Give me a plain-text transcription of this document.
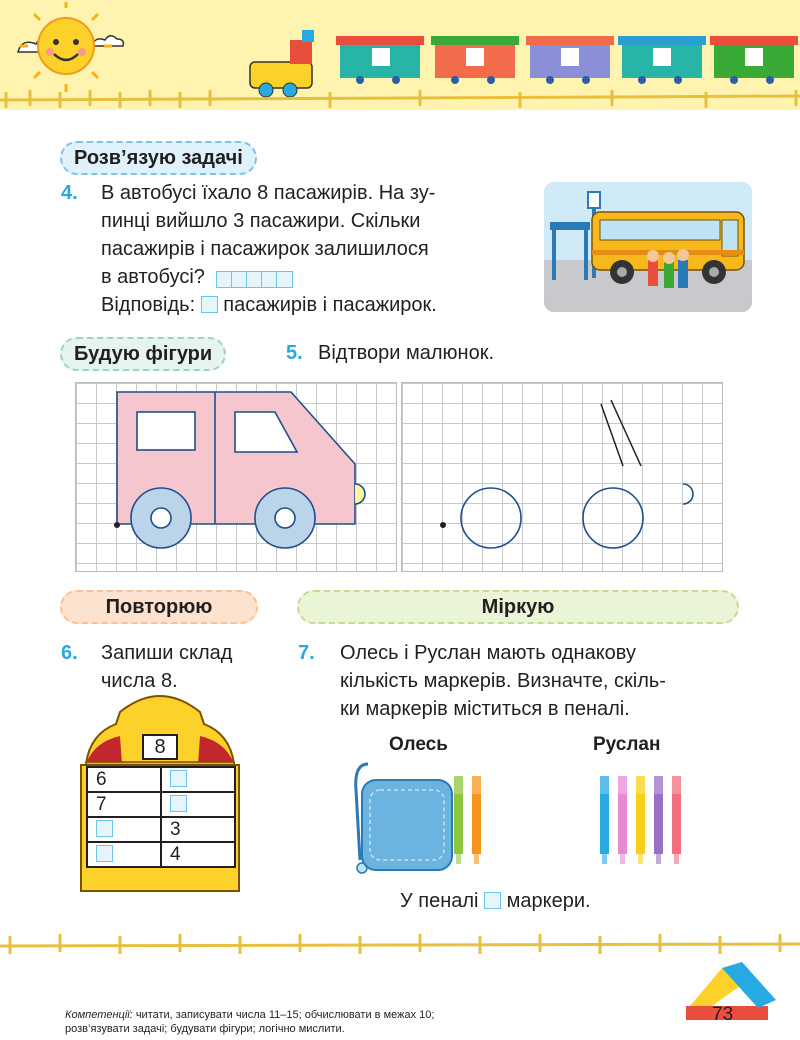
Розв’язую задачі
4. В автобусі їхало 8 пасажирів. На зу-
пинці вийшло 3 пасажири. Скільки
пасажирів і пасажирок залишилося
в автобусі?
Відповідь: пасажирів і пасажирок.
Будую фігури	5. Відтвори малюнок.
Повторюю	Міркую
6. Запиши склад
числа 8.
8
6	
7	
	3
	4
7. Олесь і Руслан мають однакову
кількість маркерів. Визначте, скіль-
ки маркерів міститься в пеналі.
Олесь	Руслан
У пеналі маркери.
Компетенції: читати, записувати числа 11–15; обчислювати в межах 10;
розв’язувати задачі; будувати фігури; логічно мислити.
73
